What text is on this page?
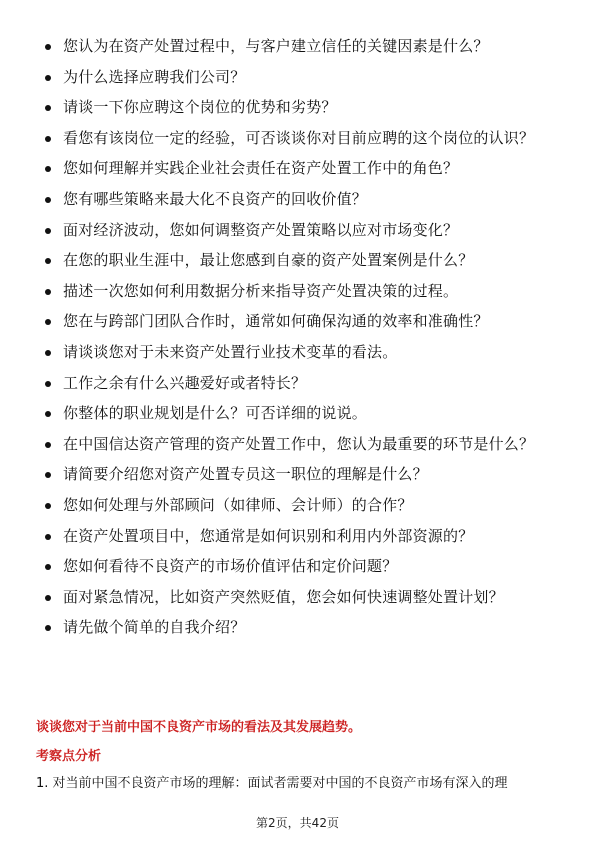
您认为在资产处置过程中，与客户建立信任的关键因素是什么？
为什么选择应聘我们公司？
请谈一下你应聘这个岗位的优势和劣势？
看您有该岗位一定的经验，可否谈谈你对目前应聘的这个岗位的认识？
您如何理解并实践企业社会责任在资产处置工作中的角色？
您有哪些策略来最大化不良资产的回收价值？
面对经济波动，您如何调整资产处置策略以应对市场变化？
在您的职业生涯中，最让您感到自豪的资产处置案例是什么？
描述一次您如何利用数据分析来指导资产处置决策的过程。
您在与跨部门团队合作时，通常如何确保沟通的效率和准确性？
请谈谈您对于未来资产处置行业技术变革的看法。
工作之余有什么兴趣爱好或者特长？
你整体的职业规划是什么？可否详细的说说。
在中国信达资产管理的资产处置工作中，您认为最重要的环节是什么？
请简要介绍您对资产处置专员这一职位的理解是什么？
您如何处理与外部顾问（如律师、会计师）的合作？
在资产处置项目中，您通常是如何识别和利用内外部资源的？
您如何看待不良资产的市场价值评估和定价问题？
面对紧急情况，比如资产突然贬值，您会如何快速调整处置计划？
请先做个简单的自我介绍？
谈谈您对于当前中国不良资产市场的看法及其发展趋势。
考察点分析
1. 对当前中国不良资产市场的理解：面试者需要对中国的不良资产市场有深入的理
第2页，共42页
